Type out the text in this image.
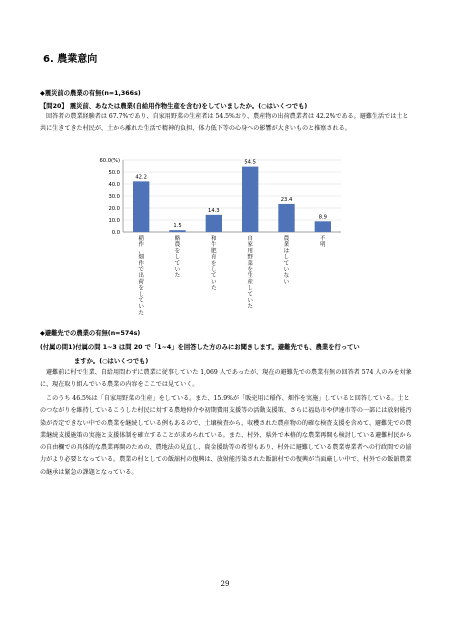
6. 農業意向
◆震災前の農業の有無(n=1,366s)
【問20】 震災前、あなたは農業(自給用作物生産を含む)をしていましたか。(○はいくつでも)

回答者の農業経験者は 67.7%であり、自家用野菜の生産者は 54.5%おり、農産物の出荷農業者は 42.2%である。避難生活では土と共に生きてきた村民が、土から離れた生活で精神的負担、体力低下等の心身への影響が大きいものと推察される。

0.0
10.0
20.0
30.0
40.0
50.0
60.0(%)
42.2
1.5
14.3
54.5
23.4
8.9
稲
作
、
畑
作
で
出
荷
を
し
て
い
た
酪
農
を
し
て
い
た
和
牛
肥
育
を
し
て
い
た
自
家
用
野
菜
を
生
産
し
て
い
た
農
業
は
し
て
い
な
い
不
明
◆避難先での農業の有無(n=574s)
(付属の問1)付属の問 1~3 は問 20 で「1~4」を回答した方のみにお聞きします。避難先でも、農業を行ってい
ますか。(○はいくつでも)

避難前に村で生業、自給用問わずに農業に従事していた 1,069 人であったが、現在の避難先での農業有無の回答者 574 人のみを対象に、現在取り組んでいる農業の内容をここでは見ていく。

このうち 46.5%は「自家用野菜の生産」をしている。また、15.9%が「販売用に稲作、畑作を実施」していると回答している。土とのつながりを維持しているこうした村民に対する農地仲介や初期費用支援等の活動支援策、さらに福島市や伊達市等の一部には放射能汚染が否定できない中での農業を継続している例もあるので、土壌検査から、収穫された農産物の的確な検査支援を含めて、避難先での農業継続支援施策の実施と支援体制を確立することが求められている。また、村外、県外で本格的な農業再開も検討している避難村民からの自由欄での具体的な農業再開のための、農地法の見直し、資金援助等の希望もあり、村外に避難している農業専業者への行政間での協力がより必要となっている。農業の村としての飯舘村の復興は、放射能汚染された飯舘村での復興が当面厳しい中で、村外での飯舘農業の継承は緊急の課題となっている。

29
